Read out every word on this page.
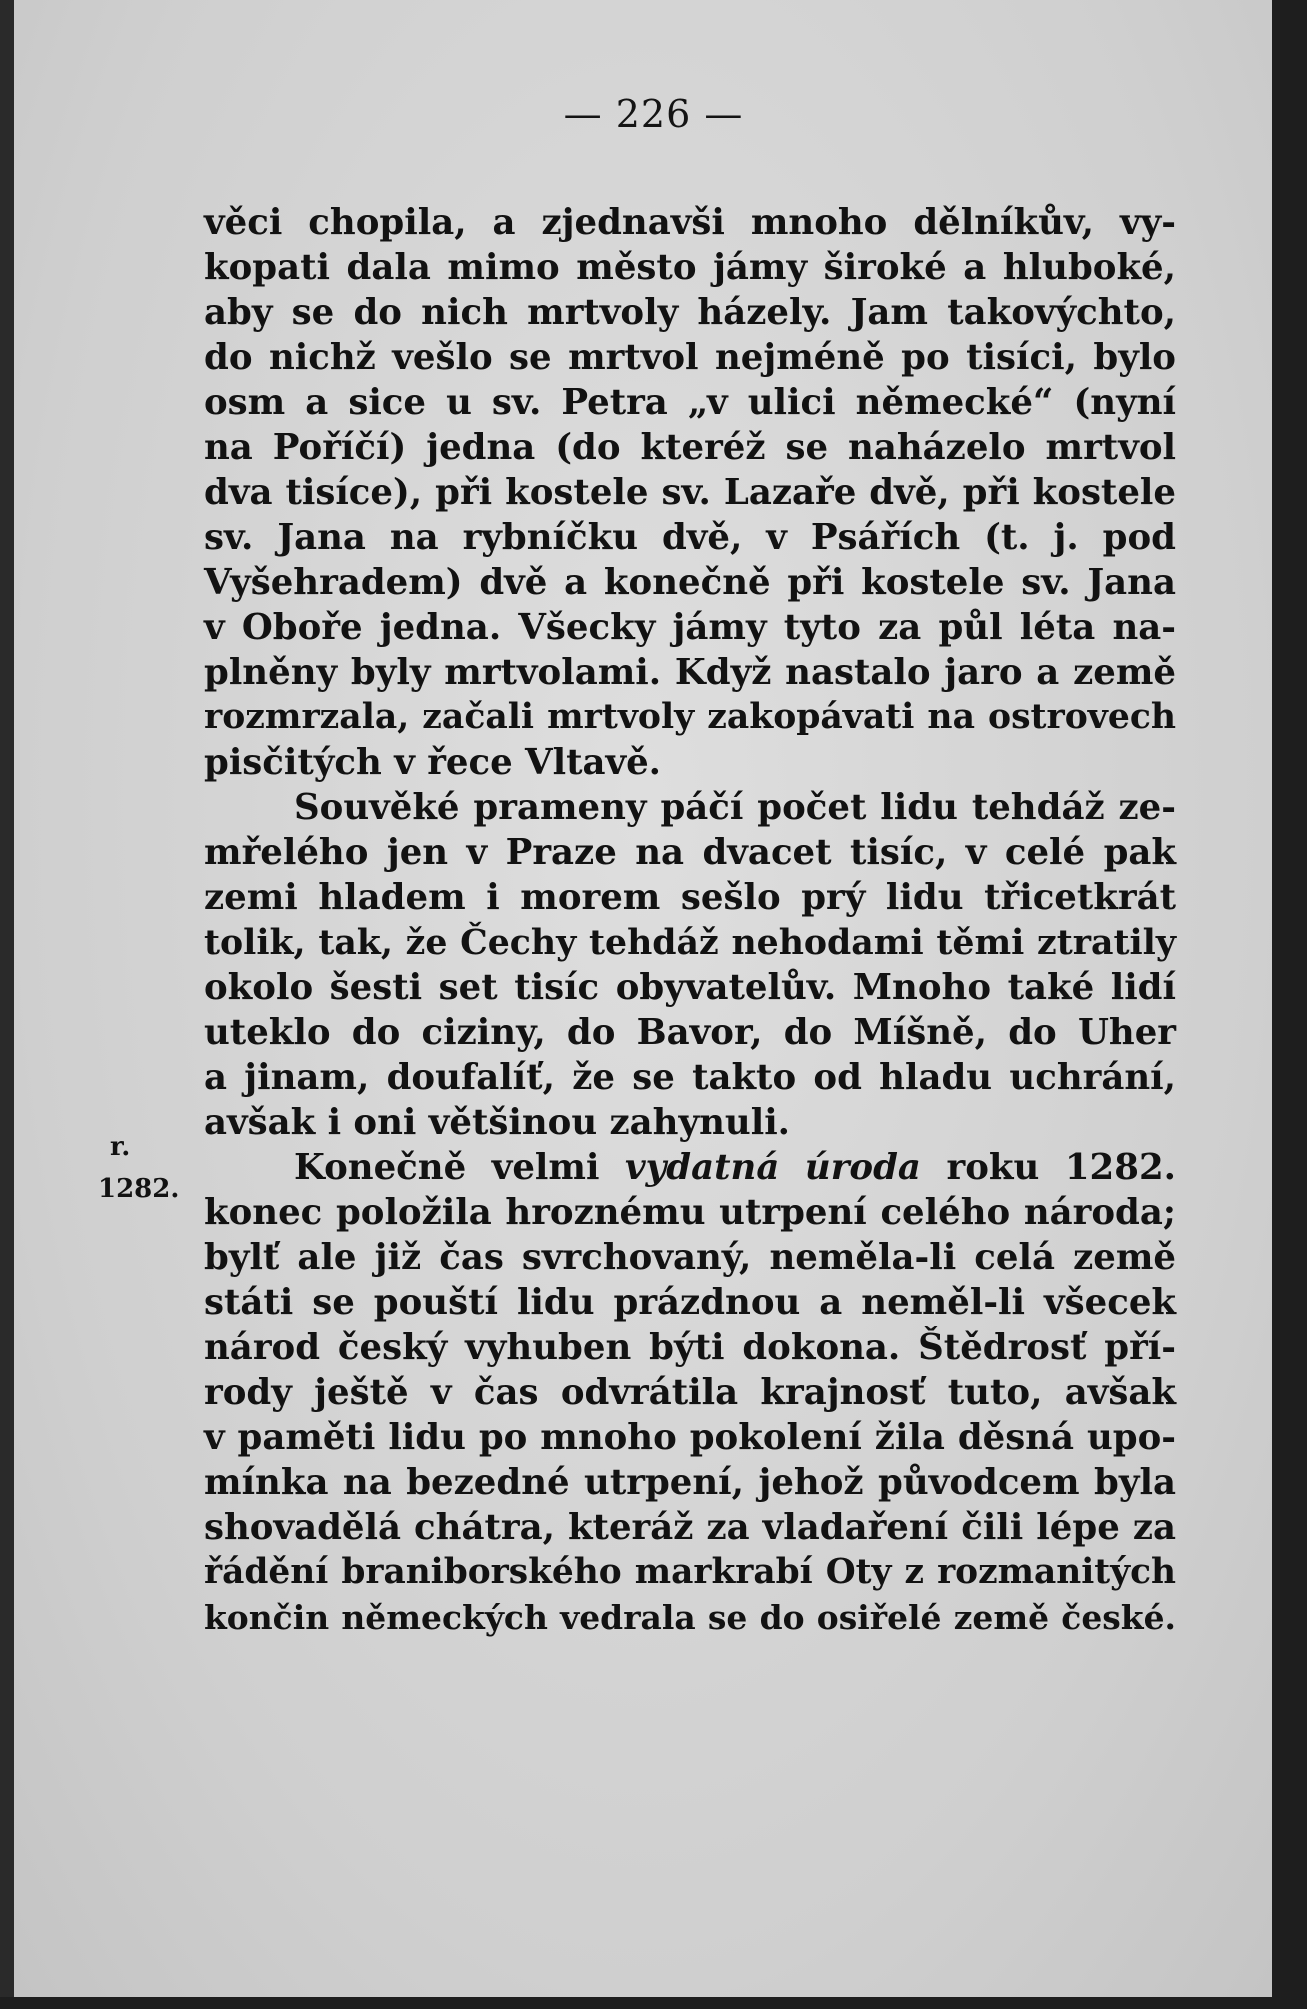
— 226 —
r.
1282.
věci chopila, a zjednavši mnoho dělníkův, vy-
kopati dala mimo město jámy široké a hluboké,
aby se do nich mrtvoly házely. Jam takovýchto,
do nichž vešlo se mrtvol nejméně po tisíci, bylo
osm a sice u sv. Petra „v ulici německé“ (nyní
na Poříčí) jedna (do kteréž se naházelo mrtvol
dva tisíce), při kostele sv. Lazaře dvě, při kostele
sv. Jana na rybníčku dvě, v Psářích (t. j. pod
Vyšehradem) dvě a konečně při kostele sv. Jana
v Oboře jedna. Všecky jámy tyto za půl léta na-
plněny byly mrtvolami. Když nastalo jaro a země
rozmrzala, začali mrtvoly zakopávati na ostrovech
pisčitých v řece Vltavě.
Souvěké prameny páčí počet lidu tehdáž ze-
mřelého jen v Praze na dvacet tisíc, v celé pak
zemi hladem i morem sešlo prý lidu třicetkrát
tolik, tak, že Čechy tehdáž nehodami těmi ztratily
okolo šesti set tisíc obyvatelův. Mnoho také lidí
uteklo do ciziny, do Bavor, do Míšně, do Uher
a jinam, doufalíť, že se takto od hladu uchrání,
avšak i oni většinou zahynuli.
Konečně velmi vydatná úroda roku 1282.
konec položila hroznému utrpení celého národa;
bylť ale již čas svrchovaný, neměla-li celá země
státi se pouští lidu prázdnou a neměl-li všecek
národ český vyhuben býti dokona. Štědrosť pří-
rody ještě v čas odvrátila krajnosť tuto, avšak
v paměti lidu po mnoho pokolení žila děsná upo-
mínka na bezedné utrpení, jehož původcem byla
shovadělá chátra, kteráž za vladaření čili lépe za
řádění braniborského markrabí Oty z rozmanitých
končin německých vedrala se do osiřelé země české.
